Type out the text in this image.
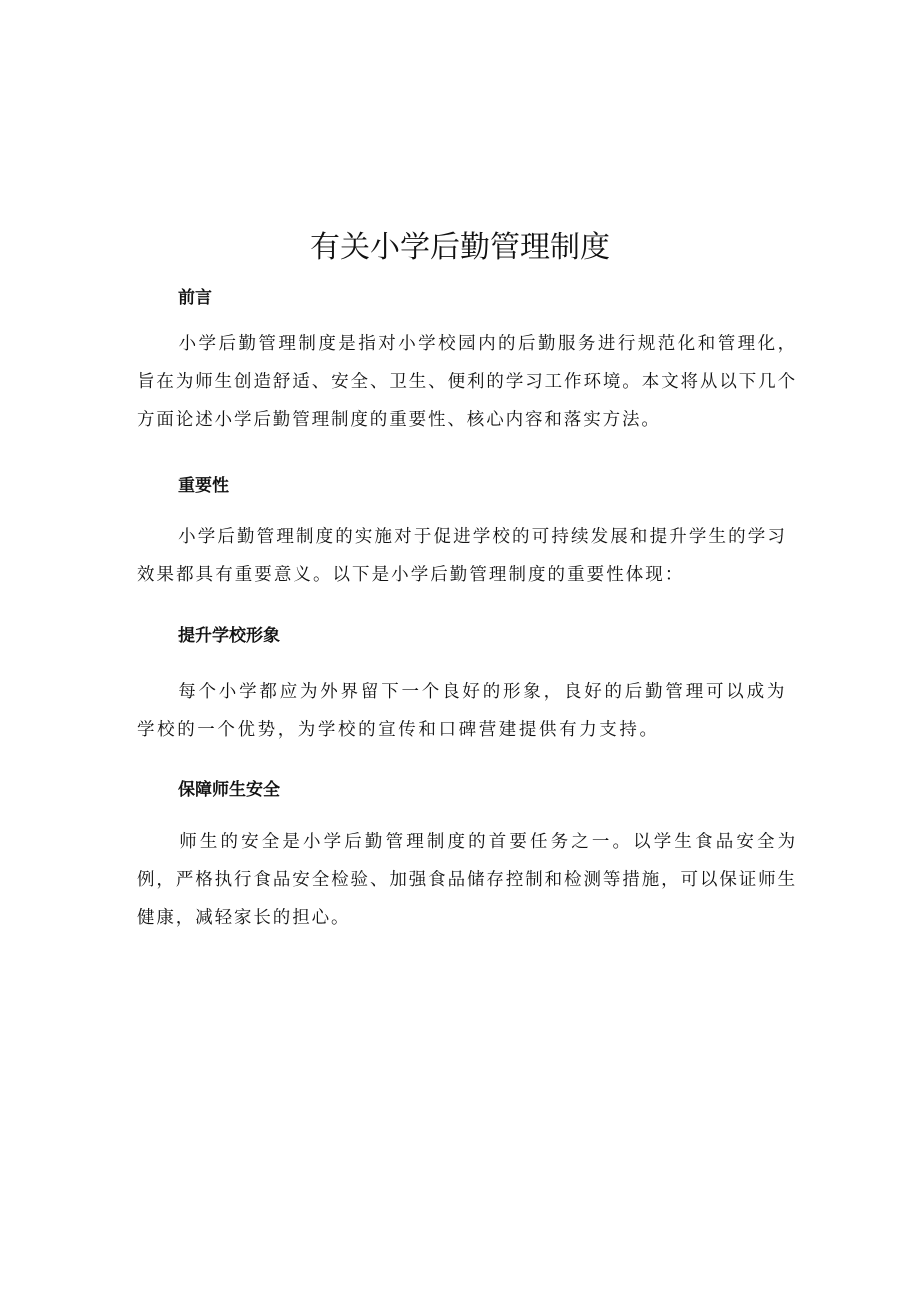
有关小学后勤管理制度
前言

小学后勤管理制度是指对小学校园内的后勤服务进行规范化和管理化，旨在为师生创造舒适、安全、卫生、便利的学习工作环境。本文将从以下几个方面论述小学后勤管理制度的重要性、核心内容和落实方法。

重要性

小学后勤管理制度的实施对于促进学校的可持续发展和提升学生的学习效果都具有重要意义。以下是小学后勤管理制度的重要性体现：

提升学校形象

每个小学都应为外界留下一个良好的形象，良好的后勤管理可以成为学校的一个优势，为学校的宣传和口碑营建提供有力支持。

保障师生安全

师生的安全是小学后勤管理制度的首要任务之一。以学生食品安全为例，严格执行食品安全检验、加强食品储存控制和检测等措施，可以保证师生健康，减轻家长的担心。
